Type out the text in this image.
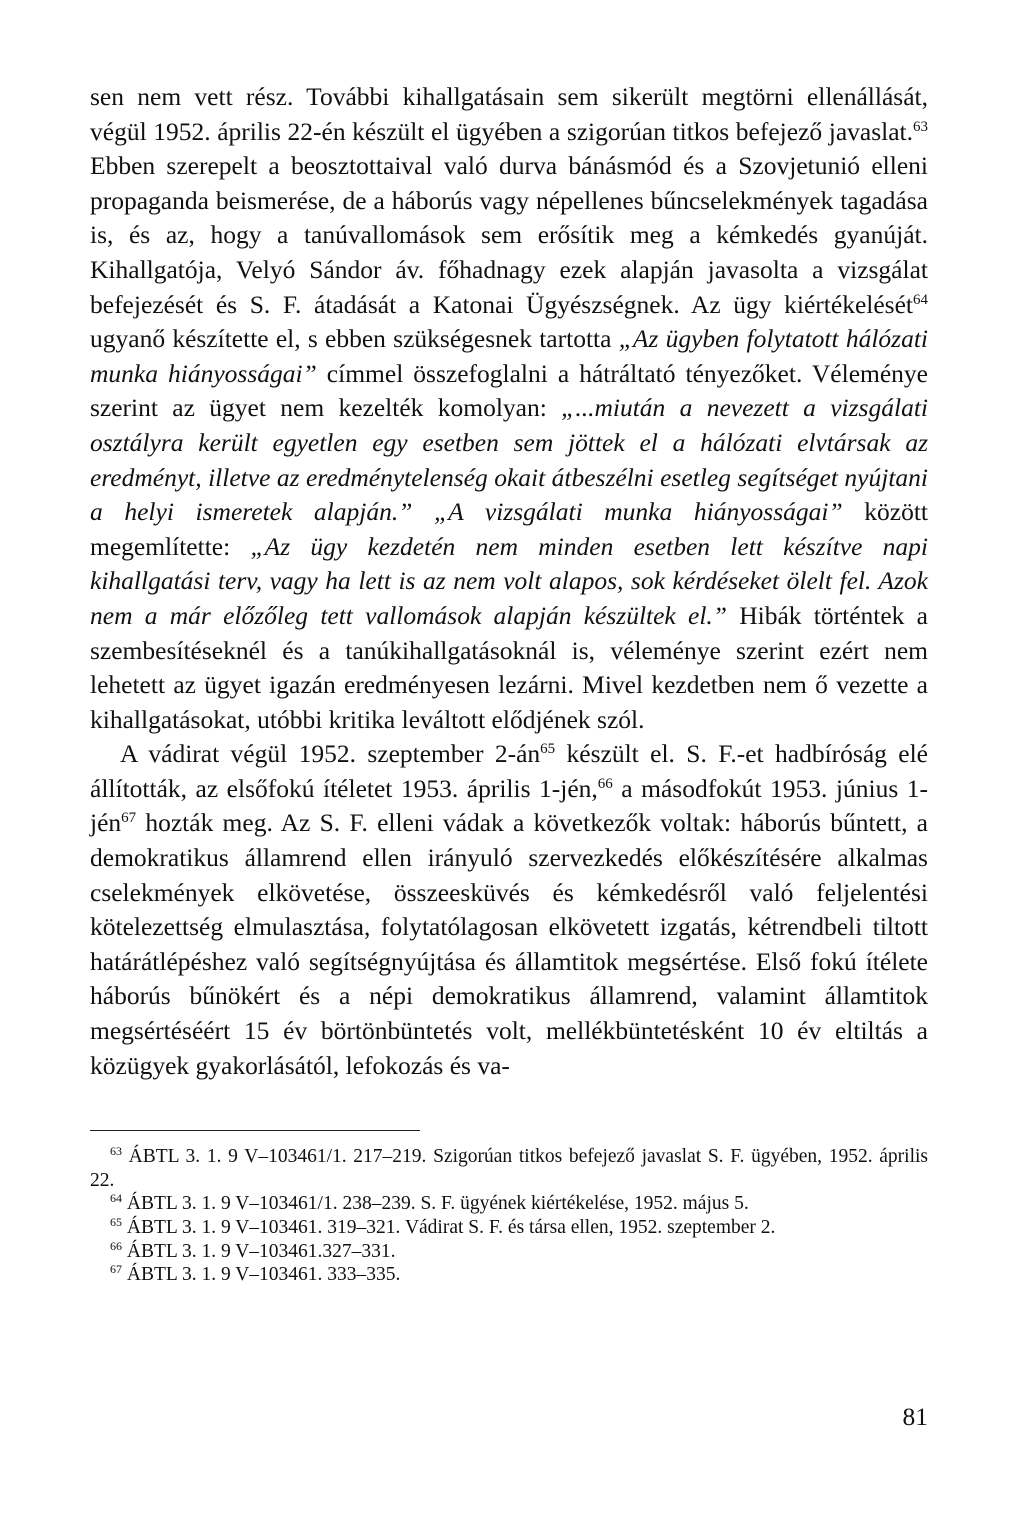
sen nem vett rész. További kihallgatásain sem sikerült megtörni ellenállását, végül 1952. április 22-én készült el ügyében a szigorúan titkos befejező javaslat.$^{63}$ Ebben szerepelt a beosztottaival való durva bánásmód és a Szovjetunió elleni propaganda beismerése, de a háborús vagy népellenes bűncselekmények tagadása is, és az, hogy a tanúvallomások sem erősítik meg a kémkedés gyanúját. Kihallgatója, Velyó Sándor áv. főhadnagy ezek alapján javasolta a vizsgálat befejezését és S. F. átadását a Katonai Ügyészségnek. Az ügy kiértékelését$^{64}$ ugyanő készítette el, s ebben szükségesnek tartotta „Az ügyben folytatott hálózati munka hiányosságai” címmel összefoglalni a hátráltató tényezőket. Véleménye szerint az ügyet nem kezelték komolyan: „...miután a nevezett a vizsgálati osztályra került egyetlen egy esetben sem jöttek el a hálózati elvtársak az eredményt, illetve az eredménytelenség okait átbeszélni esetleg segítséget nyújtani a helyi ismeretek alapján.” „A vizsgálati munka hiányosságai” között megemlítette: „Az ügy kezdetén nem minden esetben lett készítve napi kihallgatási terv, vagy ha lett is az nem volt alapos, sok kérdéseket ölelt fel. Azok nem a már előzőleg tett vallomások alapján készültek el.” Hibák történtek a szembesítéseknél és a tanúkihallgatásoknál is, véleménye szerint ezért nem lehetett az ügyet igazán eredményesen lezárni. Mivel kezdetben nem ő vezette a kihallgatásokat, utóbbi kritika leváltott elődjének szól.

A vádirat végül 1952. szeptember $2-án^{65}$ készült el. S. F.-et hadbíróság elé állították, az elsőfokú ítéletet 1953. április 1-jén,$^{66}$ a másodfokút 1953. június 1-jén$^{67}$ hozták meg. Az S. F. elleni vádak a következők voltak: háborús bűntett, a demokratikus államrend ellen irányuló szervezkedés előkészítésére alkalmas cselekmények elkövetése, összeesküvés és kémkedésről való feljelentési kötelezettség elmulasztása, folytatólagosan elkövetett izgatás, kétrendbeli tiltott határátlépéshez való segítségnyújtása és államtitok megsértése. Első fokú ítélete háborús bűnökért és a népi demokratikus államrend, valamint államtitok megsértéséért 15 év börtönbüntetés volt, mellékbüntetésként 10 év eltiltás a közügyek gyakorlásától, lefokozás és va-

$^{63}$ ÁBTL 3. 1. 9 V–103461/1. 217–219. Szigorúan titkos befejező javaslat S. F. ügyében, 1952. április 22.
$^{64}$ ÁBTL 3. 1. 9 V–103461/1. 238–239. S. F. ügyének kiértékelése, 1952. május 5.
$^{65}$ ÁBTL 3. 1. 9 V–103461. 319–321. Vádirat S. F. és társa ellen, 1952. szeptember 2.
$^{66}$ ÁBTL 3. 1. 9 V–103461.327–331.
$^{67}$ ÁBTL 3. 1. 9 V–103461. 333–335.
81
